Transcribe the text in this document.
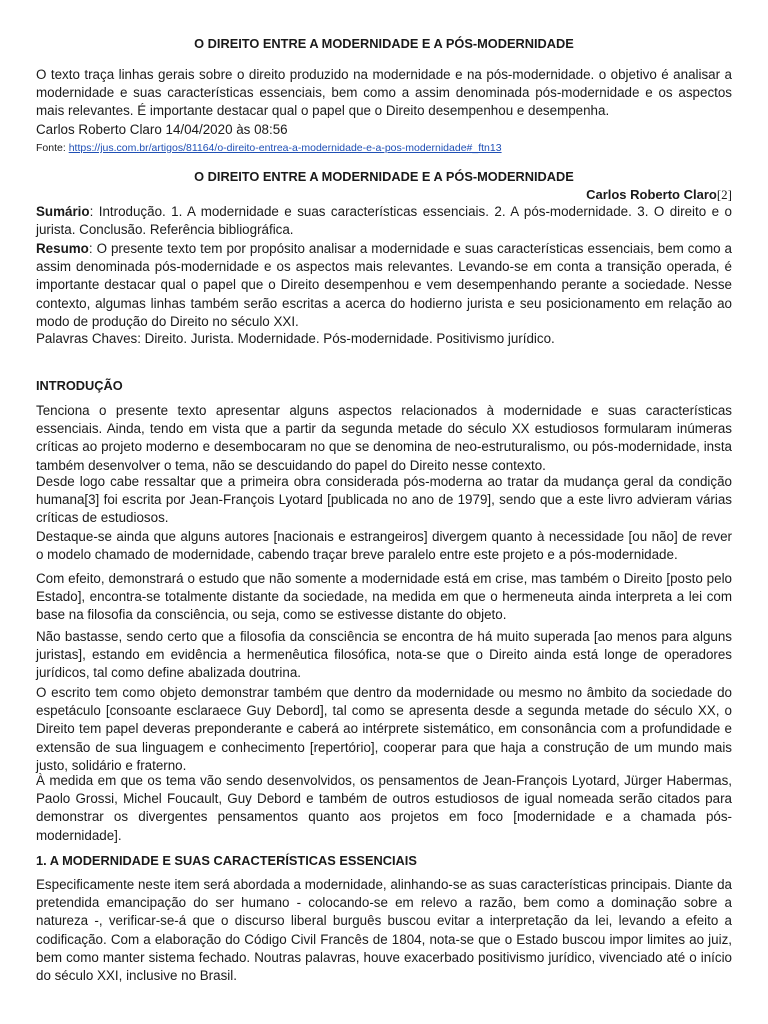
O DIREITO ENTRE A MODERNIDADE E A PÓS-MODERNIDADE

O texto traça linhas gerais sobre o direito produzido na modernidade e na pós-modernidade. o objetivo é analisar a modernidade e suas características essenciais, bem como a assim denominada pós-modernidade e os aspectos mais relevantes. É importante destacar qual o papel que o Direito desempenhou e desempenha.

Carlos Roberto Claro 14/04/2020 às 08:56

Fonte: https://jus.com.br/artigos/81164/o-direito-entrea-a-modernidade-e-a-pos-modernidade#_ftn13

O DIREITO ENTRE A MODERNIDADE E A PÓS-MODERNIDADE
Carlos Roberto Claro[2]

Sumário: Introdução. 1. A modernidade e suas características essenciais. 2. A pós-modernidade. 3. O direito e o jurista. Conclusão. Referência bibliográfica.

Resumo: O presente texto tem por propósito analisar a modernidade e suas características essenciais, bem como a assim denominada pós-modernidade e os aspectos mais relevantes. Levando-se em conta a transição operada, é importante destacar qual o papel que o Direito desempenhou e vem desempenhando perante a sociedade. Nesse contexto, algumas linhas também serão escritas a acerca do hodierno jurista e seu posicionamento em relação ao modo de produção do Direito no século XXI.

Palavras Chaves: Direito. Jurista. Modernidade. Pós-modernidade. Positivismo jurídico.

INTRODUÇÃO

Tenciona o presente texto apresentar alguns aspectos relacionados à modernidade e suas características essenciais. Ainda, tendo em vista que a partir da segunda metade do século XX estudiosos formularam inúmeras críticas ao projeto moderno e desembocaram no que se denomina de neo-estruturalismo, ou pós-modernidade, insta também desenvolver o tema, não se descuidando do papel do Direito nesse contexto.

Desde logo cabe ressaltar que a primeira obra considerada pós-moderna ao tratar da mudança geral da condição humana[3] foi escrita por Jean-François Lyotard [publicada no ano de 1979], sendo que a este livro advieram várias críticas de estudiosos.

Destaque-se ainda que alguns autores [nacionais e estrangeiros] divergem quanto à necessidade [ou não] de rever o modelo chamado de modernidade, cabendo traçar breve paralelo entre este projeto e a pós-modernidade.

Com efeito, demonstrará o estudo que não somente a modernidade está em crise, mas também o Direito [posto pelo Estado], encontra-se totalmente distante da sociedade, na medida em que o hermeneuta ainda interpreta a lei com base na filosofia da consciência, ou seja, como se estivesse distante do objeto.

Não bastasse, sendo certo que a filosofia da consciência se encontra de há muito superada [ao menos para alguns juristas], estando em evidência a hermenêutica filosófica, nota-se que o Direito ainda está longe de operadores jurídicos, tal como define abalizada doutrina.

O escrito tem como objeto demonstrar também que dentro da modernidade ou mesmo no âmbito da sociedade do espetáculo [consoante esclaraece Guy Debord], tal como se apresenta desde a segunda metade do século XX, o Direito tem papel deveras preponderante e caberá ao intérprete sistemático, em consonância com a profundidade e extensão de sua linguagem e conhecimento [repertório], cooperar para que haja a construção de um mundo mais justo, solidário e fraterno.

À medida em que os tema vão sendo desenvolvidos, os pensamentos de Jean-François Lyotard, Jürger Habermas, Paolo Grossi, Michel Foucault, Guy Debord e também de outros estudiosos de igual nomeada serão citados para demonstrar os divergentes pensamentos quanto aos projetos em foco [modernidade e a chamada pós-modernidade].

1. A MODERNIDADE E SUAS CARACTERÍSTICAS ESSENCIAIS

Especificamente neste item será abordada a modernidade, alinhando-se as suas características principais. Diante da pretendida emancipação do ser humano - colocando-se em relevo a razão, bem como a dominação sobre a natureza -, verificar-se-á que o discurso liberal burguês buscou evitar a interpretação da lei, levando a efeito a codificação. Com a elaboração do Código Civil Francês de 1804, nota-se que o Estado buscou impor limites ao juiz, bem como manter sistema fechado. Noutras palavras, houve exacerbado positivismo jurídico, vivenciado até o início do século XXI, inclusive no Brasil.
